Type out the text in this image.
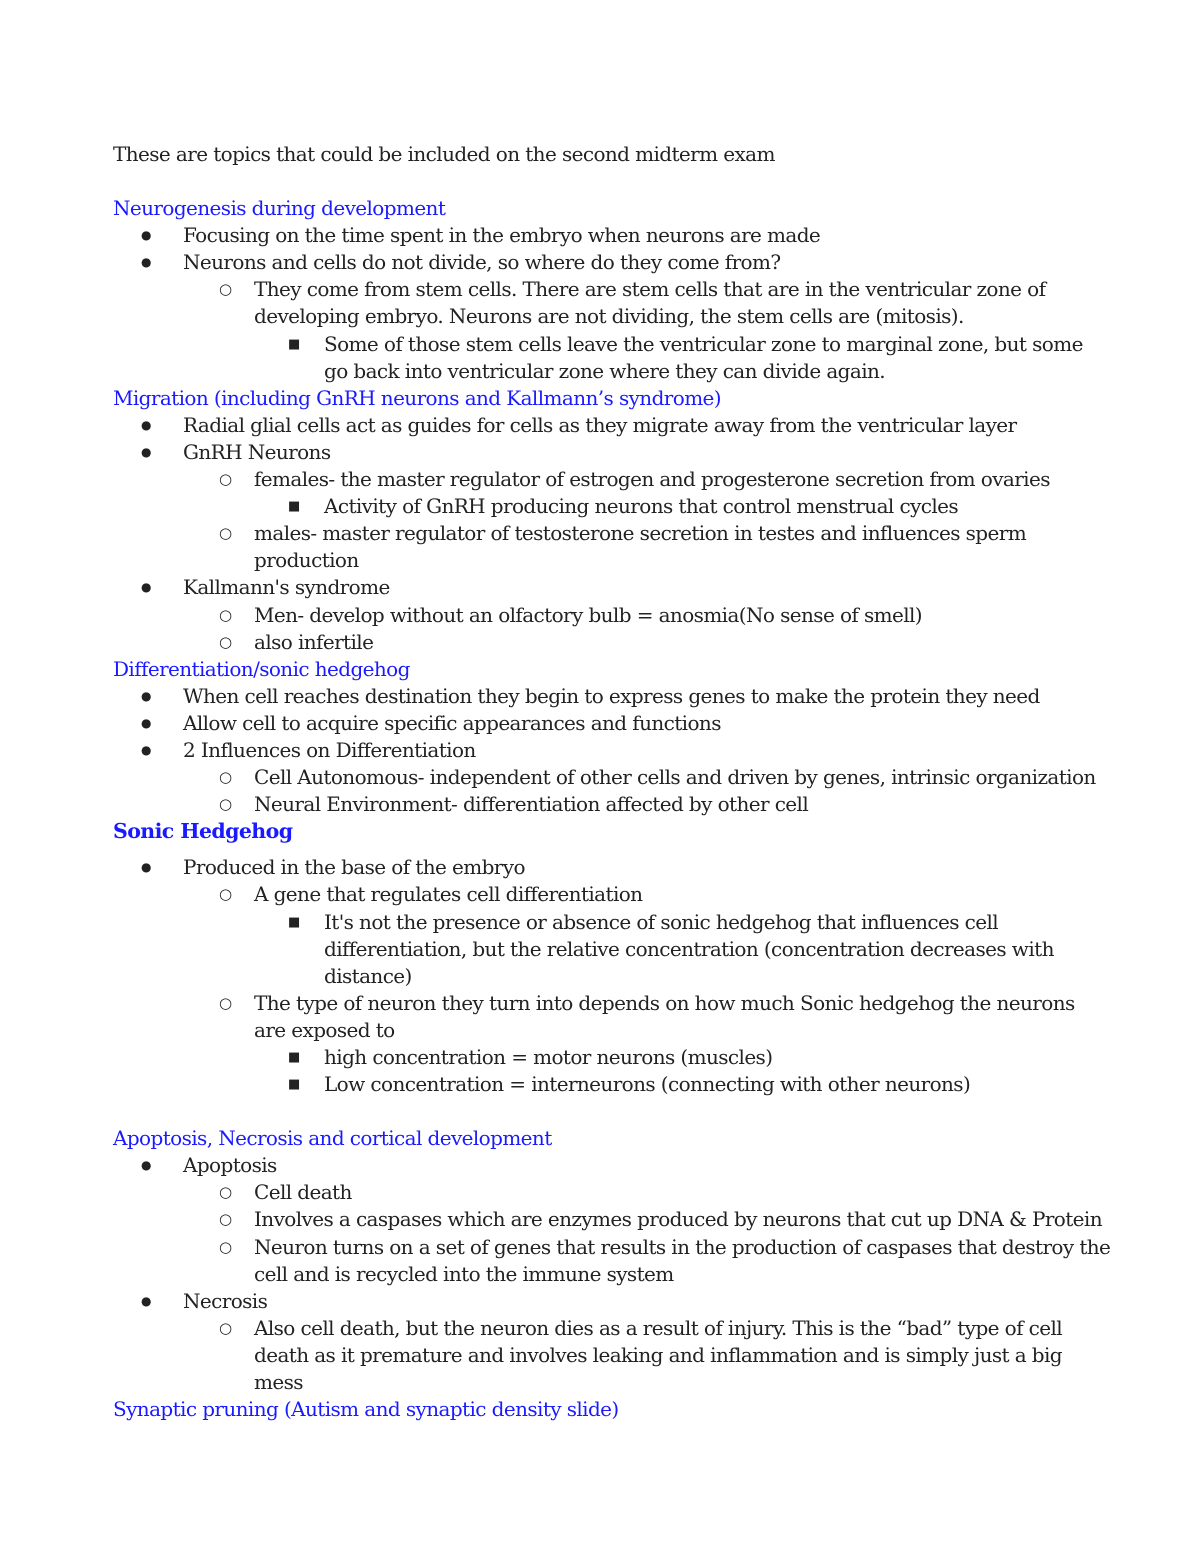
These are topics that could be included on the second midterm exam

Neurogenesis during development

● Focusing on the time spent in the embryo when neurons are made
● Neurons and cells do not divide, so where do they come from?
○ They come from stem cells. There are stem cells that are in the ventricular zone of
developing embryo. Neurons are not dividing, the stem cells are (mitosis).
■ Some of those stem cells leave the ventricular zone to marginal zone, but some
go back into ventricular zone where they can divide again.

Migration (including GnRH neurons and Kallmann’s syndrome)

● Radial glial cells act as guides for cells as they migrate away from the ventricular layer
● GnRH Neurons
○ females- the master regulator of estrogen and progesterone secretion from ovaries
■ Activity of GnRH producing neurons that control menstrual cycles
○ males- master regulator of testosterone secretion in testes and influences sperm
production
● Kallmann's syndrome
○ Men- develop without an olfactory bulb = anosmia(No sense of smell)
○ also infertile

Differentiation/sonic hedgehog

● When cell reaches destination they begin to express genes to make the protein they need
● Allow cell to acquire specific appearances and functions
● 2 Influences on Differentiation
○ Cell Autonomous- independent of other cells and driven by genes, intrinsic organization
○ Neural Environment- differentiation affected by other cell

Sonic Hedgehog

● Produced in the base of the embryo
○ A gene that regulates cell differentiation
■ It's not the presence or absence of sonic hedgehog that influences cell
differentiation, but the relative concentration (concentration decreases with
distance)
○ The type of neuron they turn into depends on how much Sonic hedgehog the neurons
are exposed to
■ high concentration = motor neurons (muscles)
■ Low concentration = interneurons (connecting with other neurons)

Apoptosis, Necrosis and cortical development

● Apoptosis
○ Cell death
○ Involves a caspases which are enzymes produced by neurons that cut up DNA & Protein
○ Neuron turns on a set of genes that results in the production of caspases that destroy the
cell and is recycled into the immune system
● Necrosis
○ Also cell death, but the neuron dies as a result of injury. This is the “bad” type of cell
death as it premature and involves leaking and inflammation and is simply just a big
mess

Synaptic pruning (Autism and synaptic density slide)
